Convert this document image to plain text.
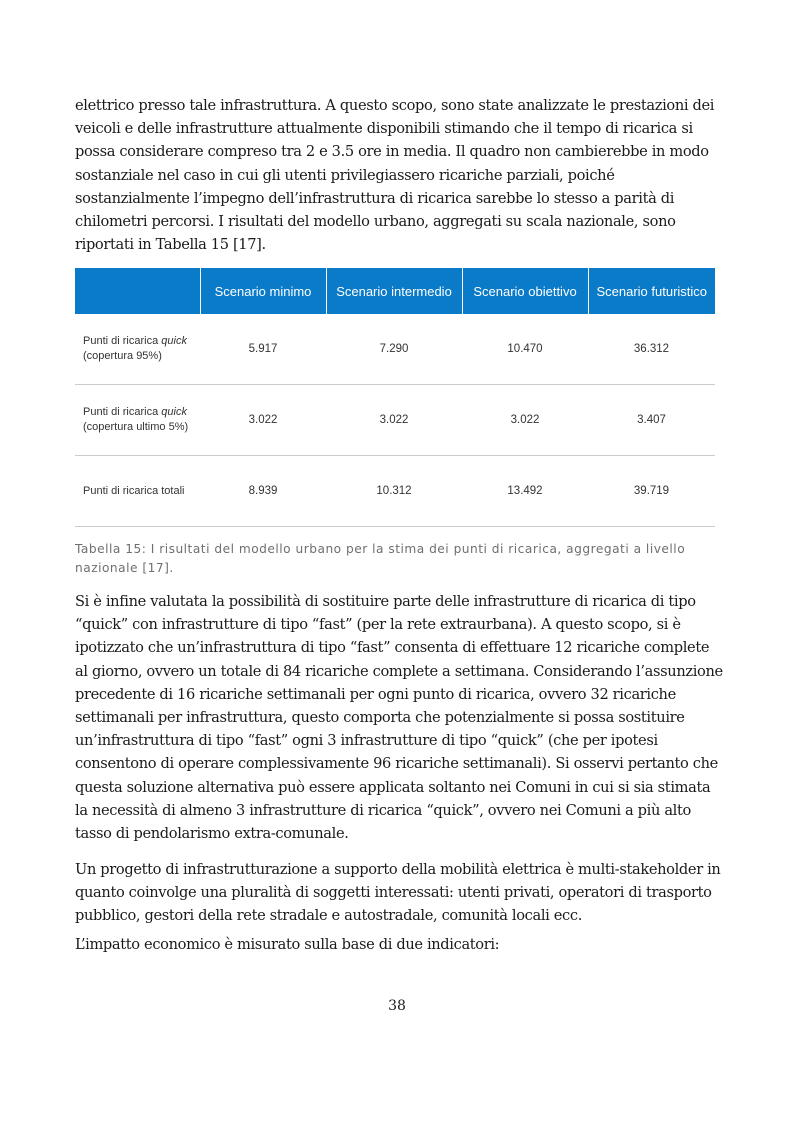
elettrico presso tale infrastruttura. A questo scopo, sono state analizzate le prestazioni dei veicoli e delle infrastrutture attualmente disponibili stimando che il tempo di ricarica si possa considerare compreso tra 2 e 3.5 ore in media. Il quadro non cambierebbe in modo sostanziale nel caso in cui gli utenti privilegiassero ricariche parziali, poiché sostanzialmente l’impegno dell’infrastruttura di ricarica sarebbe lo stesso a parità di chilometri percorsi. I risultati del modello urbano, aggregati su scala nazionale, sono riportati in Tabella 15 [17].

	Scenario minimo	Scenario intermedio	Scenario obiettivo	Scenario futuristico
Punti di ricarica quick
(copertura 95%)	5.917	7.290	10.470	36.312
Punti di ricarica quick
(copertura ultimo 5%)	3.022	3.022	3.022	3.407
Punti di ricarica totali	8.939	10.312	13.492	39.719

Tabella 15: I risultati del modello urbano per la stima dei punti di ricarica, aggregati a livello nazionale [17].

Si è infine valutata la possibilità di sostituire parte delle infrastrutture di ricarica di tipo “quick” con infrastrutture di tipo “fast” (per la rete extraurbana). A questo scopo, si è ipotizzato che un’infrastruttura di tipo “fast” consenta di effettuare 12 ricariche complete al giorno, ovvero un totale di 84 ricariche complete a settimana. Considerando l’assunzione precedente di 16 ricariche settimanali per ogni punto di ricarica, ovvero 32 ricariche settimanali per infrastruttura, questo comporta che potenzialmente si possa sostituire un’infrastruttura di tipo “fast” ogni 3 infrastrutture di tipo “quick” (che per ipotesi consentono di operare complessivamente 96 ricariche settimanali). Si osservi pertanto che questa soluzione alternativa può essere applicata soltanto nei Comuni in cui si sia stimata la necessità di almeno 3 infrastrutture di ricarica “quick”, ovvero nei Comuni a più alto tasso di pendolarismo extra-comunale.

Un progetto di infrastrutturazione a supporto della mobilità elettrica è multi-stakeholder in quanto coinvolge una pluralità di soggetti interessati: utenti privati, operatori di trasporto pubblico, gestori della rete stradale e autostradale, comunità locali ecc.

L’impatto economico è misurato sulla base di due indicatori:

38
